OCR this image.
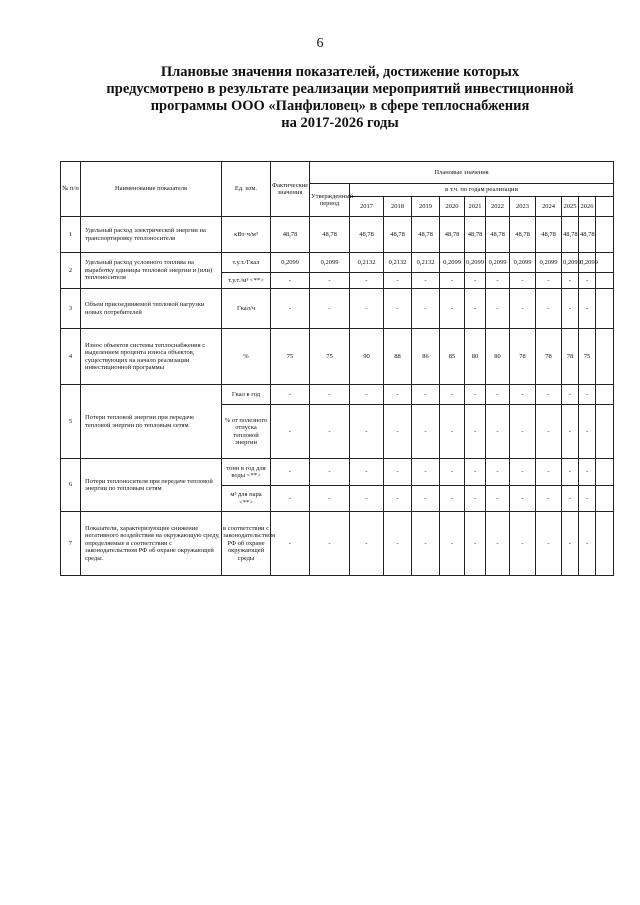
6
Плановые значения показателей, достижение которых
предусмотрено в результате реализации мероприятий инвестиционной
программы ООО «Панфиловец» в сфере теплоснабжения
на 2017-2026 годы
№ п/п	Наименование показателя	Ед. изм.	Фактические значения	Плановые значения											
				Утвержденный период	в т.ч. по годам реализации										
					2017	2018	2019	2020	2021	2022	2023	2024	2025	2026	
1	Удельный расход электрической энергии на транспортировку теплоносителя	кВт·ч/м³	48,78	48,78	48,78	48,78	48,78	48,78	48,78	48,78	48,78	48,78	48,78	48,78	
2	Удельный расход условного топлива на выработку единицы тепловой энергии и (или) теплоносителя	т.у.т./Гкал	0,2099	0,2099	0,2132	0,2132	0,2132	0,2099	0,2099	0,2099	0,2099	0,2099	0,2099	0,2099	
		т.у.т./м³ <**>	-	-	-	-	-	-	-	-	-	-	-	-	
3	Объем присоединяемой тепловой нагрузки новых потребителей	Гкал/ч	-	-	-	-	-	-	-	-	-	-	-	-	
4	Износ объектов системы теплоснабжения с выделением процента износа объектов, существующих на начало реализации инвестиционной программы	%	75	75	90	88	86	85	80	80	78	78	78	75	
5	Потери тепловой энергии при передаче тепловой энергии по тепловым сетям	Гкал в год	-	-	-	-	-	-	-	-	-	-	-	-	
		% от полезного отпуска тепловой энергии	-	-	-	-	-	-	-	-	-	-	-	-	
6	Потери теплоносителя при передаче тепловой энергии по тепловым сетям	тонн в год для воды <**>	-	-	-	-	-	-	-	-	-	-	-	-	
		м³ для пара <**>	-	-	-	-	-	-	-	-	-	-	-	-	
7	Показатели, характеризующие снижение негативного воздействия на окружающую среду, определяемые в соответствии с законодательством РФ об охране окружающей среды.	в соответствии с законодательством РФ об охране окружающей среды	-	-	-	-	-	-	-	-	-	-	-	-	
